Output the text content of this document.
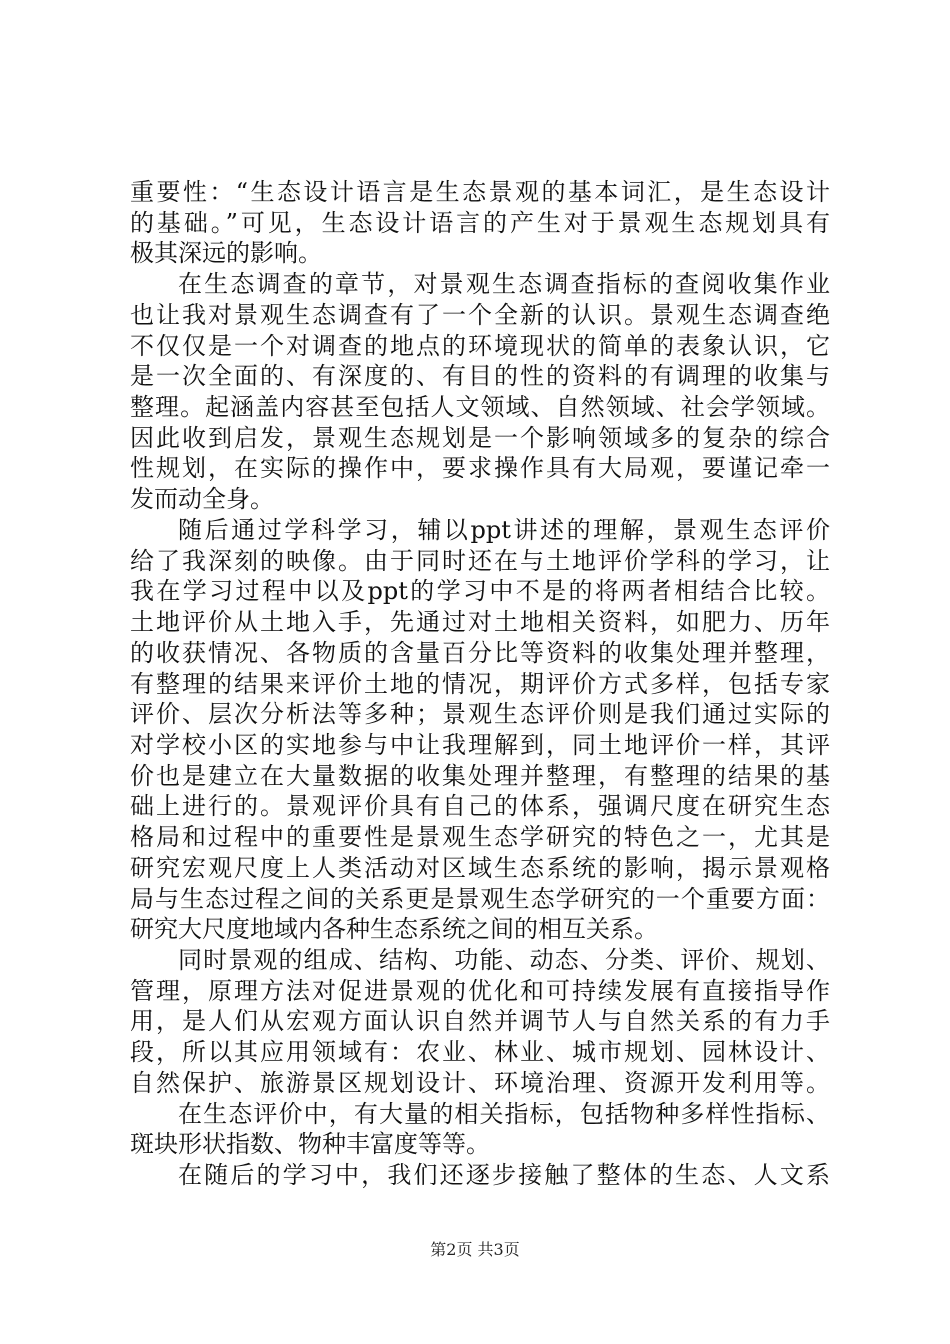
重要性：“生态设计语言是生态景观的基本词汇，是生态设计
的基础。”可见，生态设计语言的产生对于景观生态规划具有
极其深远的影响。
在生态调查的章节，对景观生态调查指标的查阅收集作业
也让我对景观生态调查有了一个全新的认识。景观生态调查绝
不仅仅是一个对调查的地点的环境现状的简单的表象认识，它
是一次全面的、有深度的、有目的性的资料的有调理的收集与
整理。起涵盖内容甚至包括人文领域、自然领域、社会学领域。
因此收到启发，景观生态规划是一个影响领域多的复杂的综合
性规划，在实际的操作中，要求操作具有大局观，要谨记牵一
发而动全身。
随后通过学科学习，辅以ppt讲述的理解，景观生态评价
给了我深刻的映像。由于同时还在与土地评价学科的学习，让
我在学习过程中以及ppt的学习中不是的将两者相结合比较。
土地评价从土地入手，先通过对土地相关资料，如肥力、历年
的收获情况、各物质的含量百分比等资料的收集处理并整理，
有整理的结果来评价土地的情况，期评价方式多样，包括专家
评价、层次分析法等多种；景观生态评价则是我们通过实际的
对学校小区的实地参与中让我理解到，同土地评价一样，其评
价也是建立在大量数据的收集处理并整理，有整理的结果的基
础上进行的。景观评价具有自己的体系，强调尺度在研究生态
格局和过程中的重要性是景观生态学研究的特色之一，尤其是
研究宏观尺度上人类活动对区域生态系统的影响，揭示景观格
局与生态过程之间的关系更是景观生态学研究的一个重要方面：
研究大尺度地域内各种生态系统之间的相互关系。
同时景观的组成、结构、功能、动态、分类、评价、规划、
管理，原理方法对促进景观的优化和可持续发展有直接指导作
用，是人们从宏观方面认识自然并调节人与自然关系的有力手
段，所以其应用领域有：农业、林业、城市规划、园林设计、
自然保护、旅游景区规划设计、环境治理、资源开发利用等。
在生态评价中，有大量的相关指标，包括物种多样性指标、
斑块形状指数、物种丰富度等等。
在随后的学习中，我们还逐步接触了整体的生态、人文系
第2页 共3页
